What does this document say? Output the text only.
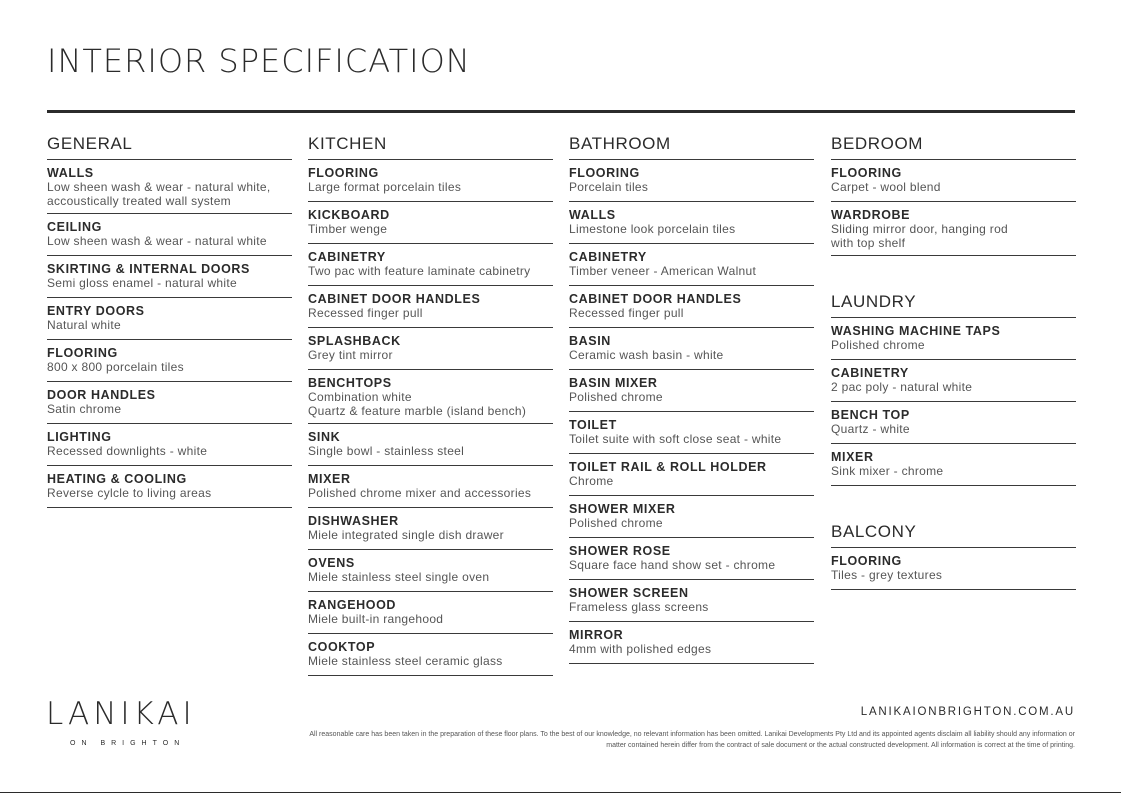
INTERIOR SPECIFICATION
GENERAL
WALLS
Low sheen wash & wear - natural white,
accoustically treated wall system
CEILING
Low sheen wash & wear - natural white
SKIRTING & INTERNAL DOORS
Semi gloss enamel - natural white
ENTRY DOORS
Natural white
FLOORING
800 x 800 porcelain tiles
DOOR HANDLES
Satin chrome
LIGHTING
Recessed downlights - white
HEATING & COOLING
Reverse cylcle to living areas
KITCHEN
FLOORING
Large format porcelain tiles
KICKBOARD
Timber wenge
CABINETRY
Two pac with feature laminate cabinetry
CABINET DOOR HANDLES
Recessed finger pull
SPLASHBACK
Grey tint mirror
BENCHTOPS
Combination white
Quartz & feature marble (island bench)
SINK
Single bowl - stainless steel
MIXER
Polished chrome mixer and accessories
DISHWASHER
Miele integrated single dish drawer
OVENS
Miele stainless steel single oven
RANGEHOOD
Miele built-in rangehood
COOKTOP
Miele stainless steel ceramic glass
BATHROOM
FLOORING
Porcelain tiles
WALLS
Limestone look porcelain tiles
CABINETRY
Timber veneer - American Walnut
CABINET DOOR HANDLES
Recessed finger pull
BASIN
Ceramic wash basin - white
BASIN MIXER
Polished chrome
TOILET
Toilet suite with soft close seat - white
TOILET RAIL & ROLL HOLDER
Chrome
SHOWER MIXER
Polished chrome
SHOWER ROSE
Square face hand show set - chrome
SHOWER SCREEN
Frameless glass screens
MIRROR
4mm with polished edges
BEDROOM
FLOORING
Carpet - wool blend
WARDROBE
Sliding mirror door, hanging rod
with top shelf
LAUNDRY
WASHING MACHINE TAPS
Polished chrome
CABINETRY
2 pac poly - natural white
BENCH TOP
Quartz - white
MIXER
Sink mixer - chrome
BALCONY
FLOORING
Tiles - grey textures
LANIKAI
ON BRIGHTON
LANIKAIONBRIGHTON.COM.AU
All reasonable care has been taken in the preparation of these floor plans. To the best of our knowledge, no relevant information has been omitted. Lanikai Developments Pty Ltd and its appointed agents disclaim all liability should any information or matter contained herein differ from the contract of sale document or the actual constructed development. All information is correct at the time of printing.
